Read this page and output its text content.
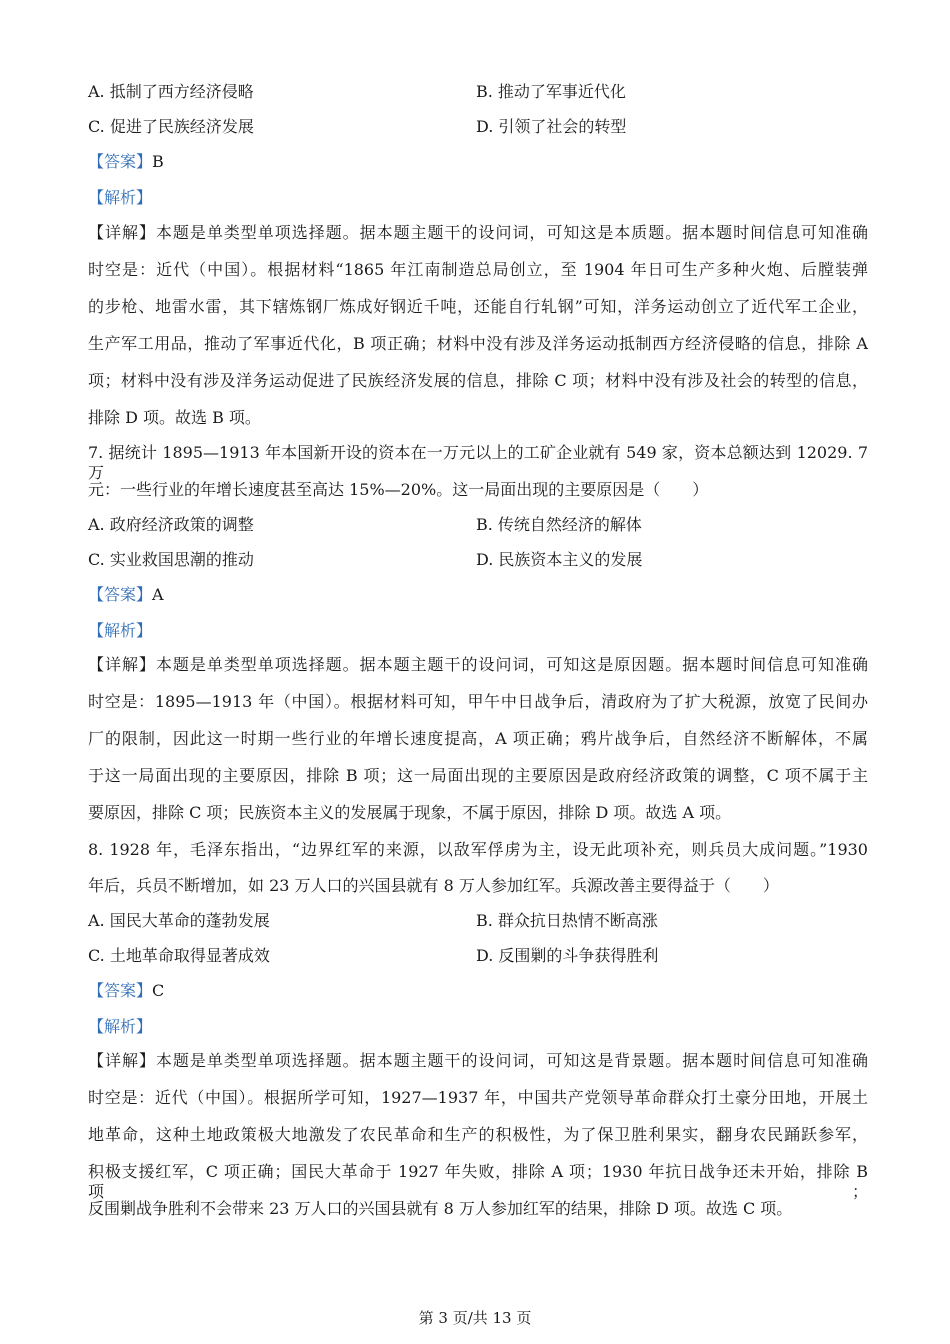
A. 抵制了西方经济侵略	B. 推动了军事近代化
C. 促进了民族经济发展	D. 引领了社会的转型
【答案】B
【解析】
【详解】本题是单类型单项选择题。据本题主题干的设问词，可知这是本质题。据本题时间信息可知准确
时空是：近代（中国）。根据材料“1865 年江南制造总局创立，至 1904 年日可生产多种火炮、后膛装弹
的步枪、地雷水雷，其下辖炼钢厂炼成好钢近千吨，还能自行轧钢”可知，洋务运动创立了近代军工企业，
生产军工用品，推动了军事近代化，B 项正确；材料中没有涉及洋务运动抵制西方经济侵略的信息，排除 A
项；材料中没有涉及洋务运动促进了民族经济发展的信息，排除 C 项；材料中没有涉及社会的转型的信息，
排除 D 项。故选 B 项。
7. 据统计 1895—1913 年本国新开设的资本在一万元以上的工矿企业就有 549 家，资本总额达到 12029. 7 万
元：一些行业的年增长速度甚至高达 15%—20%。这一局面出现的主要原因是（　　）
A. 政府经济政策的调整	B. 传统自然经济的解体
C. 实业救国思潮的推动	D. 民族资本主义的发展
【答案】A
【解析】
【详解】本题是单类型单项选择题。据本题主题干的设问词，可知这是原因题。据本题时间信息可知准确
时空是：1895—1913 年（中国）。根据材料可知，甲午中日战争后，清政府为了扩大税源，放宽了民间办
厂的限制，因此这一时期一些行业的年增长速度提高，A 项正确；鸦片战争后，自然经济不断解体，不属
于这一局面出现的主要原因，排除 B 项；这一局面出现的主要原因是政府经济政策的调整，C 项不属于主
要原因，排除 C 项；民族资本主义的发展属于现象，不属于原因，排除 D 项。故选 A 项。
8. 1928 年，毛泽东指出，“边界红军的来源，以敌军俘虏为主，设无此项补充，则兵员大成问题。”1930
年后，兵员不断增加，如 23 万人口的兴国县就有 8 万人参加红军。兵源改善主要得益于（　　）
A. 国民大革命的蓬勃发展	B. 群众抗日热情不断高涨
C. 土地革命取得显著成效	D. 反围剿的斗争获得胜利
【答案】C
【解析】
【详解】本题是单类型单项选择题。据本题主题干的设问词，可知这是背景题。据本题时间信息可知准确
时空是：近代（中国）。根据所学可知，1927—1937 年，中国共产党领导革命群众打土豪分田地，开展土
地革命，这种土地政策极大地激发了农民革命和生产的积极性，为了保卫胜利果实，翻身农民踊跃参军，
积极支援红军，C 项正确；国民大革命于 1927 年失败，排除 A 项；1930 年抗日战争还未开始，排除 B 项；
反围剿战争胜利不会带来 23 万人口的兴国县就有 8 万人参加红军的结果，排除 D 项。故选 C 项。
第 3 页/共 13 页
